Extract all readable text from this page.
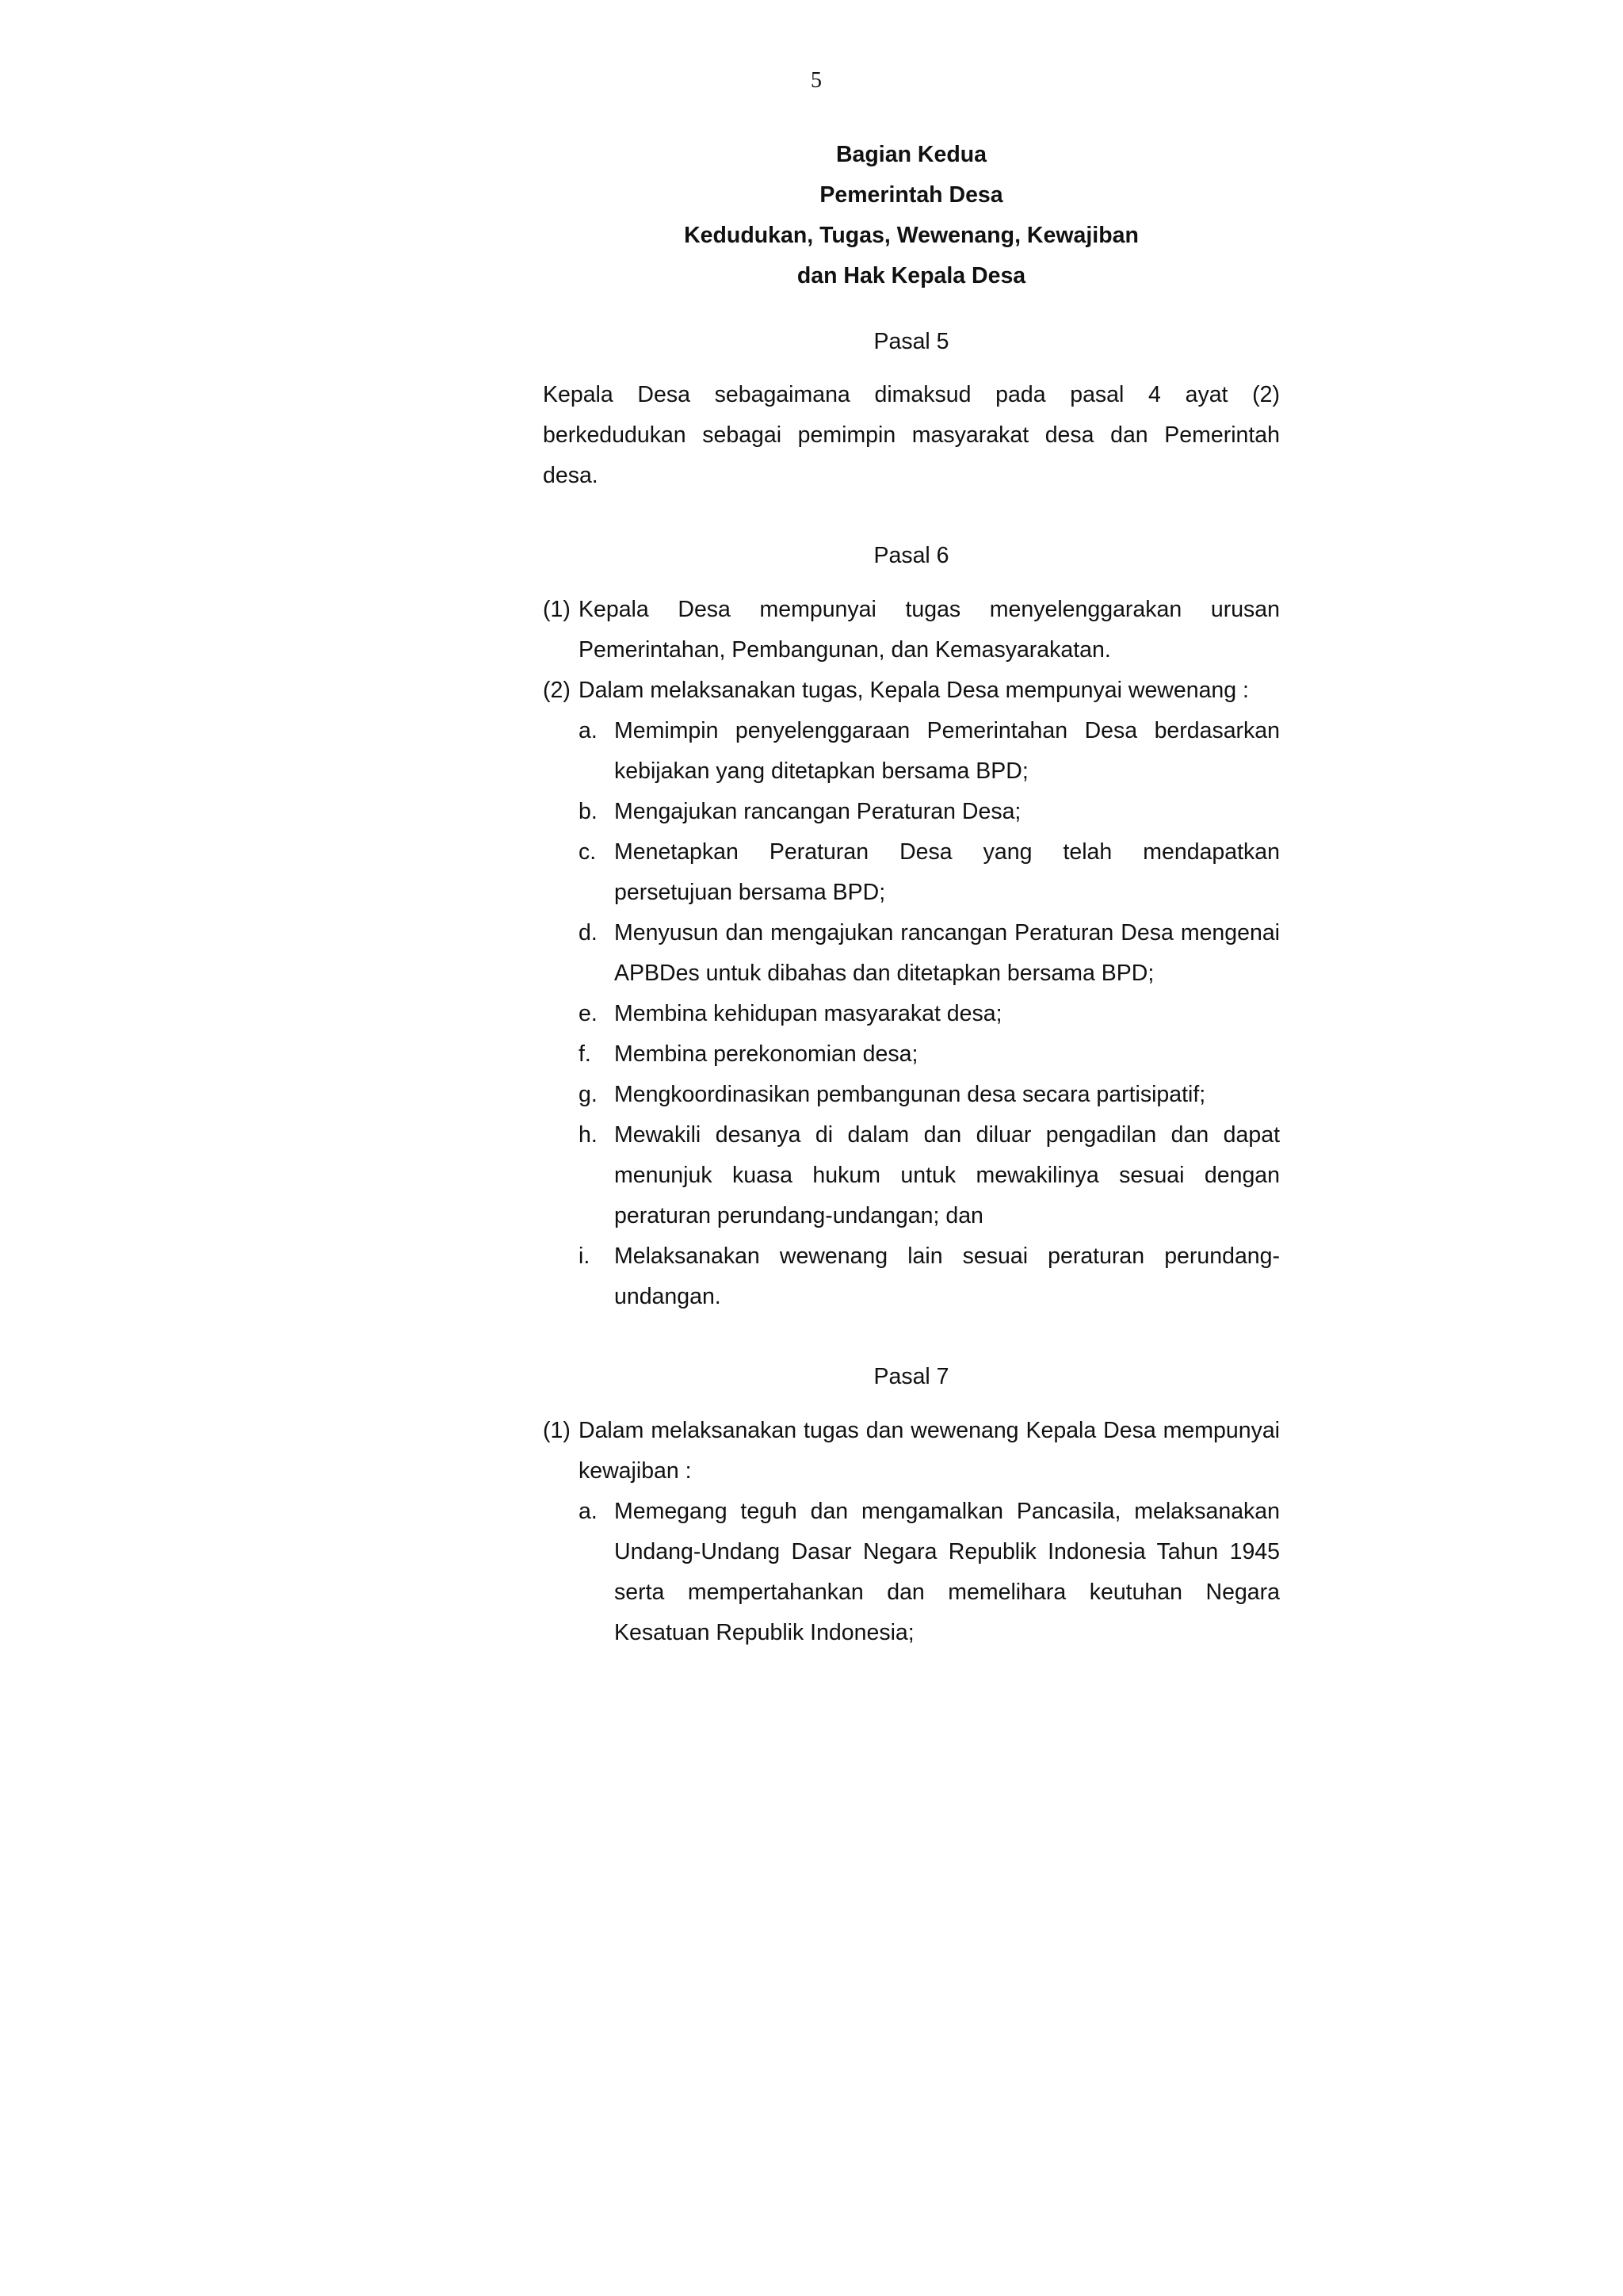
5
Bagian Kedua
Pemerintah Desa
Kedudukan, Tugas, Wewenang, Kewajiban
dan Hak Kepala Desa
Pasal 5
Kepala Desa sebagaimana dimaksud pada pasal 4 ayat (2) berkedudukan sebagai pemimpin masyarakat desa dan Pemerintah desa.
Pasal 6
(1) Kepala Desa mempunyai tugas menyelenggarakan urusan Pemerintahan, Pembangunan, dan Kemasyarakatan.
(2) Dalam melaksanakan tugas, Kepala Desa mempunyai wewenang :
a. Memimpin penyelenggaraan Pemerintahan Desa berdasarkan kebijakan yang ditetapkan bersama BPD;
b. Mengajukan rancangan Peraturan Desa;
c. Menetapkan Peraturan Desa yang telah mendapatkan persetujuan bersama BPD;
d. Menyusun dan mengajukan rancangan Peraturan Desa mengenai APBDes untuk dibahas dan ditetapkan bersama BPD;
e. Membina kehidupan masyarakat desa;
f.	Membina perekonomian desa;
g. Mengkoordinasikan pembangunan desa secara partisipatif;
h. Mewakili desanya di dalam dan diluar pengadilan dan dapat menunjuk kuasa hukum untuk mewakilinya sesuai dengan peraturan perundang-undangan; dan
i.	Melaksanakan wewenang lain sesuai peraturan perundang-undangan.
Pasal 7
(1) Dalam melaksanakan tugas dan wewenang Kepala Desa mempunyai kewajiban :
a. Memegang teguh dan mengamalkan Pancasila, melaksanakan Undang-Undang Dasar Negara Republik Indonesia Tahun 1945 serta mempertahankan dan memelihara keutuhan Negara Kesatuan Republik Indonesia;
